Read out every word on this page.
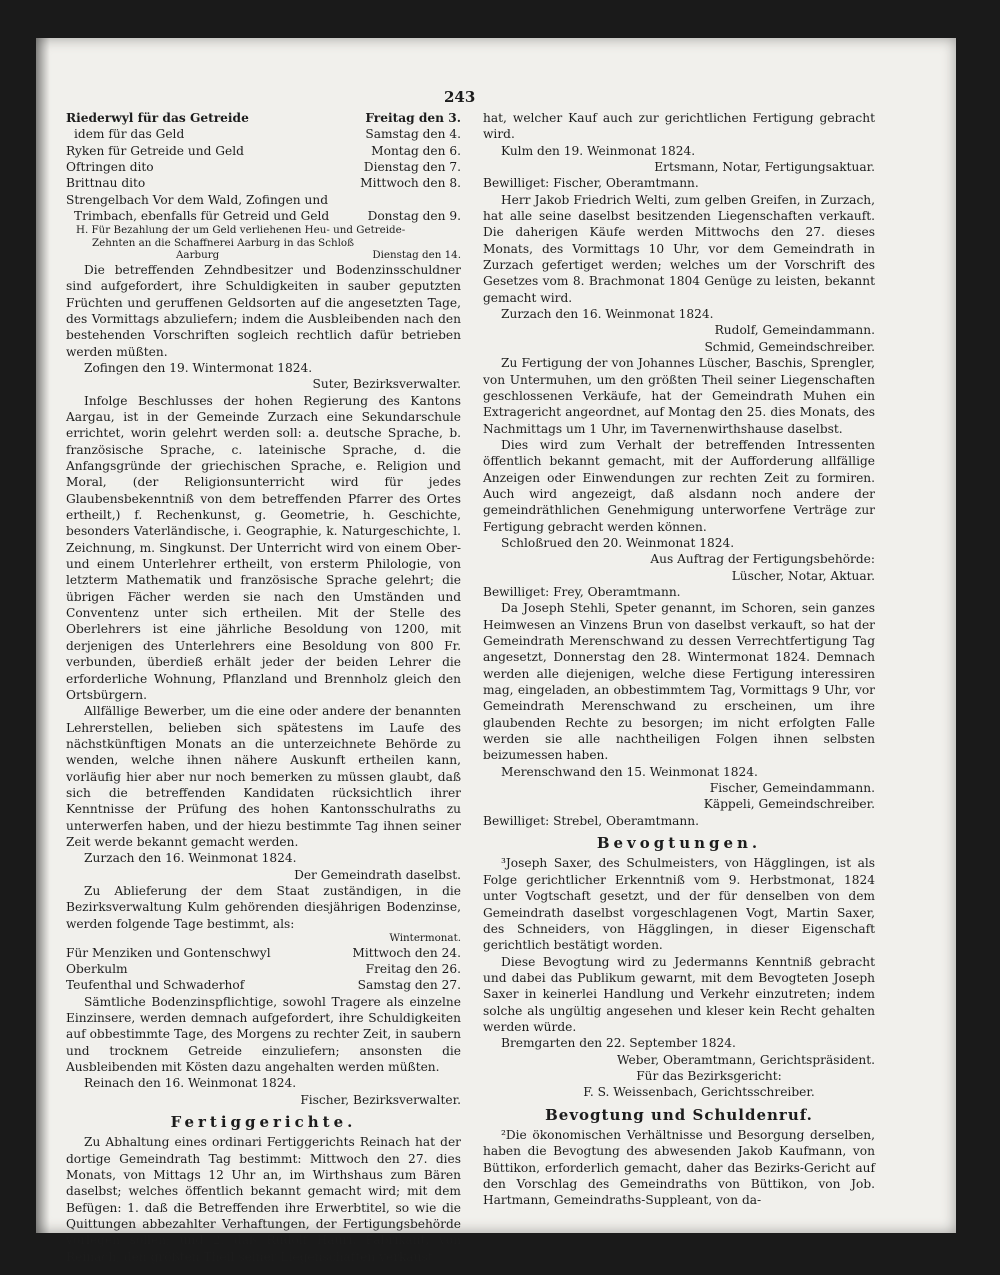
243
Riederwyl für das Getreide	Freitag den 3.
idem für das Geld	Samstag den 4.
Ryken für Getreide und Geld	Montag den 6.
Oftringen dito	Dienstag den 7.
Brittnau dito	Mittwoch den 8.
Strengelbach Vor dem Wald, Zofingen und
Trimbach, ebenfalls für Getreid und Geld	Donstag den 9.
H. Für Bezahlung der um Geld verliehenen Heu- und Getreide-
Zehnten an die Schaffnerei Aarburg in das Schloß
Aarburg	Dienstag den 14.

Die betreffenden Zehndbesitzer und Bodenzinsschuldner sind aufgefordert, ihre Schuldigkeiten in sauber geputzten Früchten und geruffenen Geldsorten auf die angesetzten Tage, des Vormittags abzuliefern; indem die Ausbleibenden nach den bestehenden Vorschriften sogleich rechtlich dafür betrieben werden müßten.

Zofingen den 19. Wintermonat 1824.
Suter, Bezirksverwalter.

Infolge Beschlusses der hohen Regierung des Kantons Aargau, ist in der Gemeinde Zurzach eine Sekundarschule errichtet, worin gelehrt werden soll: a. deutsche Sprache, b. französische Sprache, c. lateinische Sprache, d. die Anfangsgründe der griechischen Sprache, e. Religion und Moral, (der Religionsunterricht wird für jedes Glaubensbekenntniß von dem betreffenden Pfarrer des Ortes ertheilt,) f. Rechenkunst, g. Geometrie, h. Geschichte, besonders Vaterländische, i. Geographie, k. Naturgeschichte, l. Zeichnung, m. Singkunst. Der Unterricht wird von einem Ober- und einem Unterlehrer ertheilt, von ersterm Philologie, von letzterm Mathematik und französische Sprache gelehrt; die übrigen Fächer werden sie nach den Umständen und Conventenz unter sich ertheilen. Mit der Stelle des Oberlehrers ist eine jährliche Besoldung von 1200, mit derjenigen des Unterlehrers eine Besoldung von 800 Fr. verbunden, überdieß erhält jeder der beiden Lehrer die erforderliche Wohnung, Pflanzland und Brennholz gleich den Ortsbürgern.

Allfällige Bewerber, um die eine oder andere der benannten Lehrerstellen, belieben sich spätestens im Laufe des nächstkünftigen Monats an die unterzeichnete Behörde zu wenden, welche ihnen nähere Auskunft ertheilen kann, vorläufig hier aber nur noch bemerken zu müssen glaubt, daß sich die betreffenden Kandidaten rücksichtlich ihrer Kenntnisse der Prüfung des hohen Kantonsschulraths zu unterwerfen haben, und der hiezu bestimmte Tag ihnen seiner Zeit werde bekannt gemacht werden.

Zurzach den 16. Weinmonat 1824.
Der Gemeindrath daselbst.

Zu Ablieferung der dem Staat zuständigen, in die Bezirksverwaltung Kulm gehörenden diesjährigen Bodenzinse, werden folgende Tage bestimmt, als:

Wintermonat.
Für Menziken und Gontenschwyl	Mittwoch den 24.
Oberkulm	Freitag den 26.
Teufenthal und Schwaderhof	Samstag den 27.

Sämtliche Bodenzinspflichtige, sowohl Tragere als einzelne Einzinsere, werden demnach aufgefordert, ihre Schuldigkeiten auf obbestimmte Tage, des Morgens zu rechter Zeit, in saubern und trocknem Getreide einzuliefern; ansonsten die Ausbleibenden mit Kösten dazu angehalten werden müßten.

Reinach den 16. Weinmonat 1824.
Fischer, Bezirksverwalter.
Fertiggerichte.

Zu Abhaltung eines ordinari Fertiggerichts Reinach hat der dortige Gemeindrath Tag bestimmt: Mittwoch den 27. dies Monats, von Mittags 12 Uhr an, im Wirthshaus zum Bären daselbst; welches öffentlich bekannt gemacht wird; mit dem Befügen: 1. daß die Betreffenden ihre Erwerbtitel, so wie die Quittungen abbezahlter Verhaftungen, der Fertigungsbehörde vorlegen sollen; und 2. daß Rudolf Hauri, Fabrikant, von Reinach, den größten Theil seiner Liegenschaften verkaust

hat, welcher Kauf auch zur gerichtlichen Fertigung gebracht wird.

Kulm den 19. Weinmonat 1824.
Ertsmann, Notar, Fertigungsaktuar.
Bewilliget: Fischer, Oberamtmann.

Herr Jakob Friedrich Welti, zum gelben Greifen, in Zurzach, hat alle seine daselbst besitzenden Liegenschaften verkauft. Die daherigen Käufe werden Mittwochs den 27. dieses Monats, des Vormittags 10 Uhr, vor dem Gemeindrath in Zurzach gefertiget werden; welches um der Vorschrift des Gesetzes vom 8. Brachmonat 1804 Genüge zu leisten, bekannt gemacht wird.

Zurzach den 16. Weinmonat 1824.
Rudolf, Gemeindammann.
Schmid, Gemeindschreiber.

Zu Fertigung der von Johannes Lüscher, Baschis, Sprengler, von Untermuhen, um den größten Theil seiner Liegenschaften geschlossenen Verkäufe, hat der Gemeindrath Muhen ein Extragericht angeordnet, auf Montag den 25. dies Monats, des Nachmittags um 1 Uhr, im Tavernenwirthshause daselbst.

Dies wird zum Verhalt der betreffenden Intressenten öffentlich bekannt gemacht, mit der Aufforderung allfällige Anzeigen oder Einwendungen zur rechten Zeit zu formiren. Auch wird angezeigt, daß alsdann noch andere der gemeindräthlichen Genehmigung unterworfene Verträge zur Fertigung gebracht werden können.

Schloßrued den 20. Weinmonat 1824.
Aus Auftrag der Fertigungsbehörde:
Lüscher, Notar, Aktuar.
Bewilliget: Frey, Oberamtmann.

Da Joseph Stehli, Speter genannt, im Schoren, sein ganzes Heimwesen an Vinzens Brun von daselbst verkauft, so hat der Gemeindrath Merenschwand zu dessen Verrechtfertigung Tag angesetzt, Donnerstag den 28. Wintermonat 1824. Demnach werden alle diejenigen, welche diese Fertigung interessiren mag, eingeladen, an obbestimmtem Tag, Vormittags 9 Uhr, vor Gemeindrath Merenschwand zu erscheinen, um ihre glaubenden Rechte zu besorgen; im nicht erfolgten Falle werden sie alle nachtheiligen Folgen ihnen selbsten beizumessen haben.

Merenschwand den 15. Weinmonat 1824.
Fischer, Gemeindammann.
Käppeli, Gemeindschreiber.
Bewilliget: Strebel, Oberamtmann.
Bevogtungen.

³Joseph Saxer, des Schulmeisters, von Hägglingen, ist als Folge gerichtlicher Erkenntniß vom 9. Herbstmonat, 1824 unter Vogtschaft gesetzt, und der für denselben von dem Gemeindrath daselbst vorgeschlagenen Vogt, Martin Saxer, des Schneiders, von Hägglingen, in dieser Eigenschaft gerichtlich bestätigt worden.

Diese Bevogtung wird zu Jedermanns Kenntniß gebracht und dabei das Publikum gewarnt, mit dem Bevogteten Joseph Saxer in keinerlei Handlung und Verkehr einzutreten; indem solche als ungültig angesehen und kleser kein Recht gehalten werden würde.

Bremgarten den 22. September 1824.
Weber, Oberamtmann, Gerichtspräsident.
Für das Bezirksgericht:
F. S. Weissenbach, Gerichtsschreiber.
Bevogtung und Schuldenruf.

²Die ökonomischen Verhältnisse und Besorgung derselben, haben die Bevogtung des abwesenden Jakob Kaufmann, von Büttikon, erforderlich gemacht, daher das Bezirks-Gericht auf den Vorschlag des Gemeindraths von Büttikon, von Job. Hartmann, Gemeindraths-Suppleant, von da-
